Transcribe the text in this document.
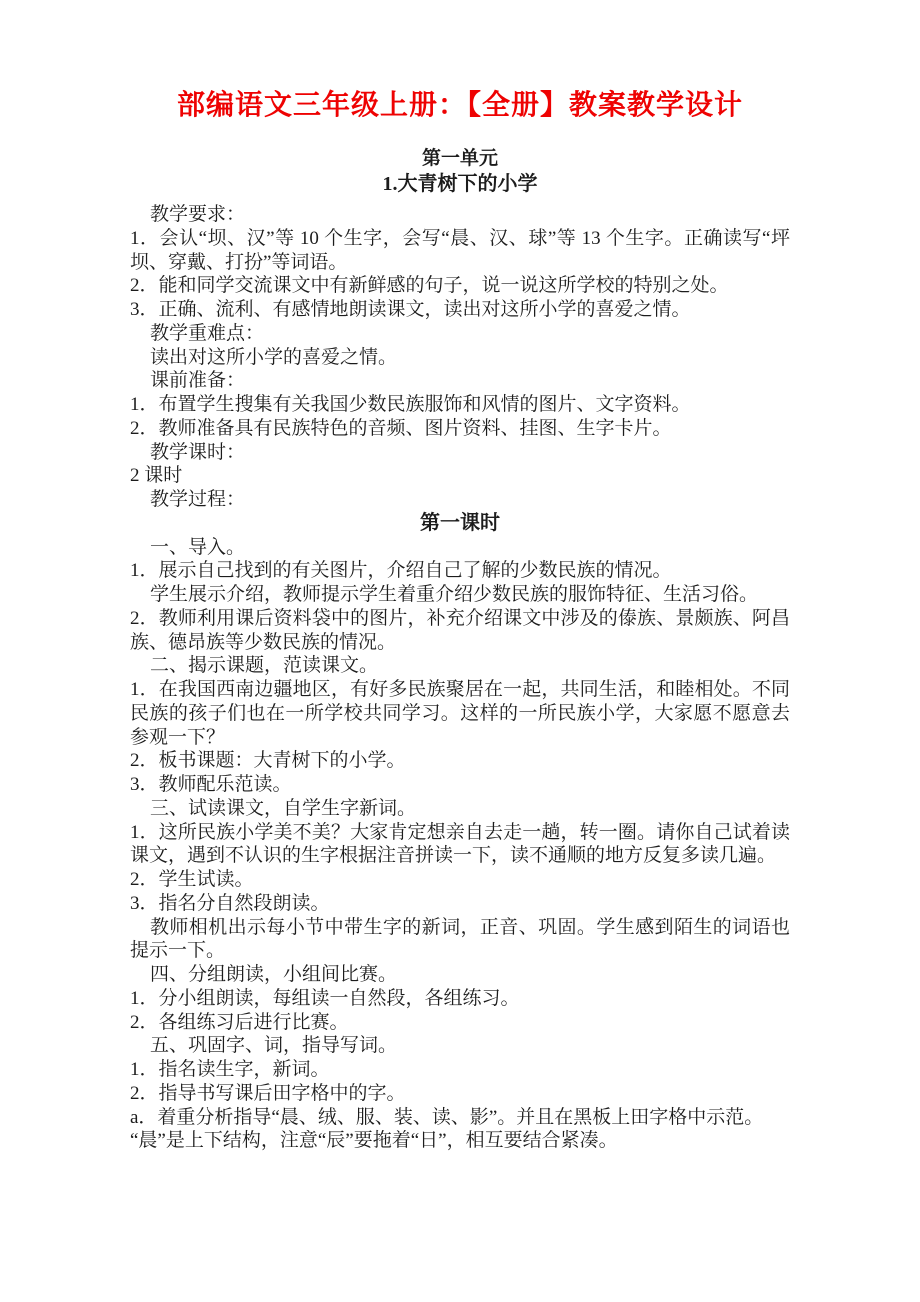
部编语文三年级上册：【全册】教案教学设计
第一单元
1.大青树下的小学

教学要求：

1．会认“坝、汉”等 10 个生字，会写“晨、汉、球”等 13 个生字。正确读写“坪坝、穿戴、打扮”等词语。

2．能和同学交流课文中有新鲜感的句子，说一说这所学校的特别之处。

3．正确、流利、有感情地朗读课文，读出对这所小学的喜爱之情。

教学重难点：

读出对这所小学的喜爱之情。

课前准备：

1．布置学生搜集有关我国少数民族服饰和风情的图片、文字资料。

2．教师准备具有民族特色的音频、图片资料、挂图、生字卡片。

教学课时：

2 课时

教学过程：

第一课时

一、导入。

1．展示自己找到的有关图片，介绍自己了解的少数民族的情况。

学生展示介绍，教师提示学生着重介绍少数民族的服饰特征、生活习俗。

2．教师利用课后资料袋中的图片，补充介绍课文中涉及的傣族、景颇族、阿昌族、德昂族等少数民族的情况。

二、揭示课题，范读课文。

1．在我国西南边疆地区，有好多民族聚居在一起，共同生活，和睦相处。不同民族的孩子们也在一所学校共同学习。这样的一所民族小学，大家愿不愿意去参观一下？

2．板书课题：大青树下的小学。

3．教师配乐范读。

三、试读课文，自学生字新词。

1．这所民族小学美不美？大家肯定想亲自去走一趟，转一圈。请你自己试着读课文，遇到不认识的生字根据注音拼读一下，读不通顺的地方反复多读几遍。

2．学生试读。

3．指名分自然段朗读。

教师相机出示每小节中带生字的新词，正音、巩固。学生感到陌生的词语也提示一下。

四、分组朗读，小组间比赛。

1．分小组朗读，每组读一自然段，各组练习。

2．各组练习后进行比赛。

五、巩固字、词，指导写词。

1．指名读生字，新词。

2．指导书写课后田字格中的字。

a．着重分析指导“晨、绒、服、装、读、影”。并且在黑板上田字格中示范。

“晨”是上下结构，注意“辰”要拖着“日”，相互要结合紧凑。
